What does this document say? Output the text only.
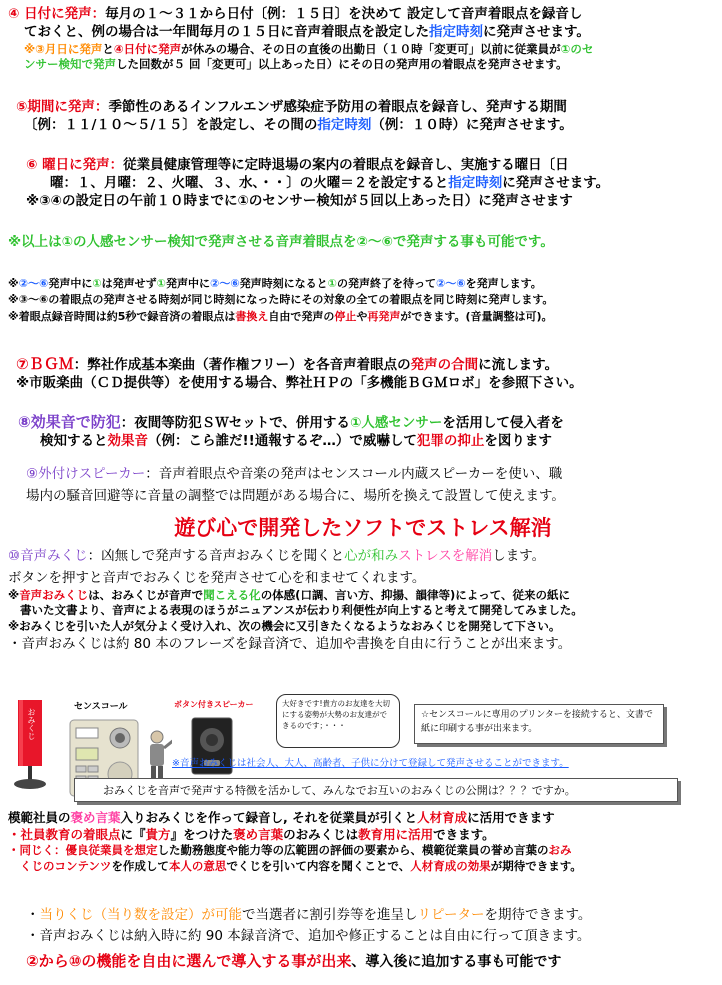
④ 日付に発声：毎月の１～３１から日付〔例：１５日〕を決めて 設定して音声着眼点を録音し
ておくと、例の場合は一年間毎月の１５日に音声着眼点を設定した指定時刻に発声させます。
※③月日に発声と④日付に発声が休みの場合、その日の直後の出勤日（１０時「変更可」以前に従業員が①のセ
ンサー検知で発声した回数が５ 回「変更可」以上あった日）にその日の発声用の着眼点を発声させます。
⑤期間に発声：季節性のあるインフルエンザ感染症予防用の着眼点を録音し、発声する期間
〔例：１１/１０～５/１５〕を設定し、その間の指定時刻（例：１０時）に発声させます。
⑥ 曜日に発声：従業員健康管理等に定時退場の案内の着眼点を録音し、実施する曜日〔日
曜：１、月曜：２、火曜、３、水、・・〕の火曜＝２を設定すると指定時刻に発声させます。
※③④の設定日の午前１０時までに①のセンサー検知が５回以上あった日）に発声させます
※以上は①の人感センサー検知で発声させる音声着眼点を②～⑥で発声する事も可能です。
※②～⑥発声中に①は発声せず①発声中に②～⑥発声時刻になると①の発声終了を待って②～⑥を発声します。
※③～⑥の着眼点の発声させる時刻が同じ時刻になった時にその対象の全ての着眼点を同じ時刻に発声します。
※着眼点録音時間は約5秒で録音済の着眼点は書換え自由で発声の停止や再発声ができます。(音量調整は可)。
⑦ＢＧＭ：弊社作成基本楽曲（著作権フリー）を各音声着眼点の発声の合間に流します。
※市販楽曲（ＣＤ提供等）を使用する場合、弊社ＨＰの「多機能ＢＧＭロボ」を参照下さい。
⑧効果音で防犯：夜間等防犯ＳＷセットで、併用する①人感センサーを活用して侵入者を
検知すると効果音（例：こら誰だ!!通報するぞ…）で威嚇して犯罪の抑止を図ります
⑨外付けスピーカー：音声着眼点や音楽の発声はセンスコール内蔵スピーカーを使い、職
場内の騒音回避等に音量の調整では問題がある場合に、場所を換えて設置して使えます。
遊び心で開発したソフトでストレス解消
⑩音声みくじ：凶無しで発声する音声おみくじを聞くと心が和みストレスを解消します。
ボタンを押すと音声でおみくじを発声させて心を和ませてくれます。
※音声おみくじは、おみくじが音声で聞こえる化の体感(口調、言い方、抑揚、韻律等)によって、従来の紙に
書いた文書より、音声による表現のほうがニュアンスが伝わり利便性が向上すると考えて開発してみました。
※おみくじを引いた人が気分よく受け入れ、次の機会に又引きたくなるようなおみくじを開発して下さい。
・音声おみくじは約 80 本のフレーズを録音済で、追加や書換を自由に行うことが出来ます。
おみくじ
センスコール	ボタン付きスピーカー	大好きです!貴方のお友達を大切にする姿勢が大勢のお友達ができるのです；・・・
☆センスコールに専用のプリンターを接続すると、文書で紙に印刷する事が出来ます。
※音声おみくじは社会人、大人、高齢者、子供に分けて登録して発声させることができます。
おみくじを音声で発声する特徴を活かして、みんなでお互いのおみくじの公開は？？？ですか。
模範社員の褒め言葉入りおみくじを作って録音し, それを従業員が引くと人材育成に活用できます
・社員教育の着眼点に『貴方』をつけた褒め言葉のおみくじは教育用に活用できます。
・同じく：優良従業員を想定した勤務態度や能力等の広範囲の評価の要素から、模範従業員の誉め言葉のおみ
くじのコンテンツを作成して本人の意思でくじを引いて内容を聞くことで、人材育成の効果が期待できます。
・当りくじ（当り数を設定）が可能で当選者に割引券等を進呈しリピーターを期待できます。
・音声おみくじは納入時に約 90 本録音済で、追加や修正することは自由に行って頂きます。
②から⑩の機能を自由に選んで導入する事が出来、導入後に追加する事も可能です
